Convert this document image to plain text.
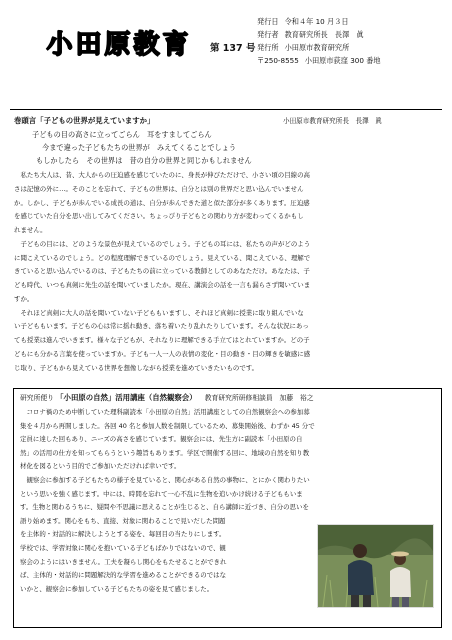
小田原教育 第 137 号
発行日 令和４年 10 月３日
発行者 教育研究所長　長澤　眞
発行所 小田原市教育研究所
〒250-8555 小田原市荻窪 300 番地
巻頭言「子どもの世界が見えていますか」	小田原市教育研究所長　長澤　眞
子どもの目の高さに立ってごらん　耳をすましてごらん
今まで違った子どもたちの世界が　みえてくることでしょう
もしかしたら　その世界は　昔の自分の世界と同じかもしれません

　私たち大人は、昔、大人からの圧迫感を感じていたのに、身長が伸びただけで、小さい頃の目線の高
さは記憶の外に…。そのことを忘れて、子どもの世界は、自分とは別の世界だと思い込んでいません
か。しかし、子どもが歩んでいる成長の道は、自分が歩んできた道と似た部分が多くあります。圧迫感
を感じていた自分を思い出してみてください。ちょっぴり子どもとの関わり方が変わってくるかもし
れません。

　子どもの目には、どのような景色が見えているのでしょう。子どもの耳には、私たちの声がどのよう
に聞こえているのでしょう。どの程度理解できているのでしょう。見えている、聞こえている、理解で
きていると思い込んでいるのは、子どもたちの前に立っている教師としてのあなただけ。あなたは、子
ども時代、いつも真剣に先生の話を聞いていましたか。現在、講演会の話を一言も漏らさず聞いていま
すか。

　それほど真剣に大人の話を聞いていない子どももいますし、それほど真剣に授業に取り組んでいな
い子どももいます。子どもの心は常に揺れ動き、落ち着いたり乱れたりしています。そんな状況にあっ
ても授業は進んでいきます。様々な子どもが、それなりに理解できる手立てはとれていますか。どの子
どもにも分かる言葉を使っていますか。子ども一人一人の表情の変化・目の動き・目の輝きを敏感に感
じ取り、子どもから見えている世界を想像しながら授業を進めていきたいものです。

研究所便り 「小田原の自然」活用講座（自然観察会） 教育研究所研修相談員　加藤　裕之
　コロナ禍のため中断していた理科副読本「小田原の自然」活用講座としての自然観察会への参加募
集を４月から再開しました。各回 40 名と参加人数を制限しているため、募集開始後、わずか 45 分で
定員に達した回もあり、ニーズの高さを感じています。観察会には、先生方に副読本「小田原の自
然」の活用の仕方を知ってもらうという趣旨もあります。学区で開催する回に、地域の自然を知り教
材化を図るという目的でご参加いただければ幸いです。
　観察会に参加する子どもたちの様子を見ていると、関心がある自然の事物に、とにかく関わりたい
という思いを強く感じます。中には、時間を忘れて一心不乱に生物を追いかけ続ける子どももいま
す。生物と関わるうちに、疑問や不思議に思えることが生じると、自ら講師に近づき、自分の思いを
語り始めます。関心をもち、直接、対象に関わることで見いだした問題
を主体的・対話的に解決しようとする姿を、毎回目の当たりにします。
学校では、学習対象に関心を抱いている子どもばかりではないので、観
察会のようにはいきません。工夫を凝らし関心をもたせることができれ
ば、主体的・対話的に問題解決的な学習を進めることができるのではな
いかと、観察会に参加している子どもたちの姿を見て感じました。
